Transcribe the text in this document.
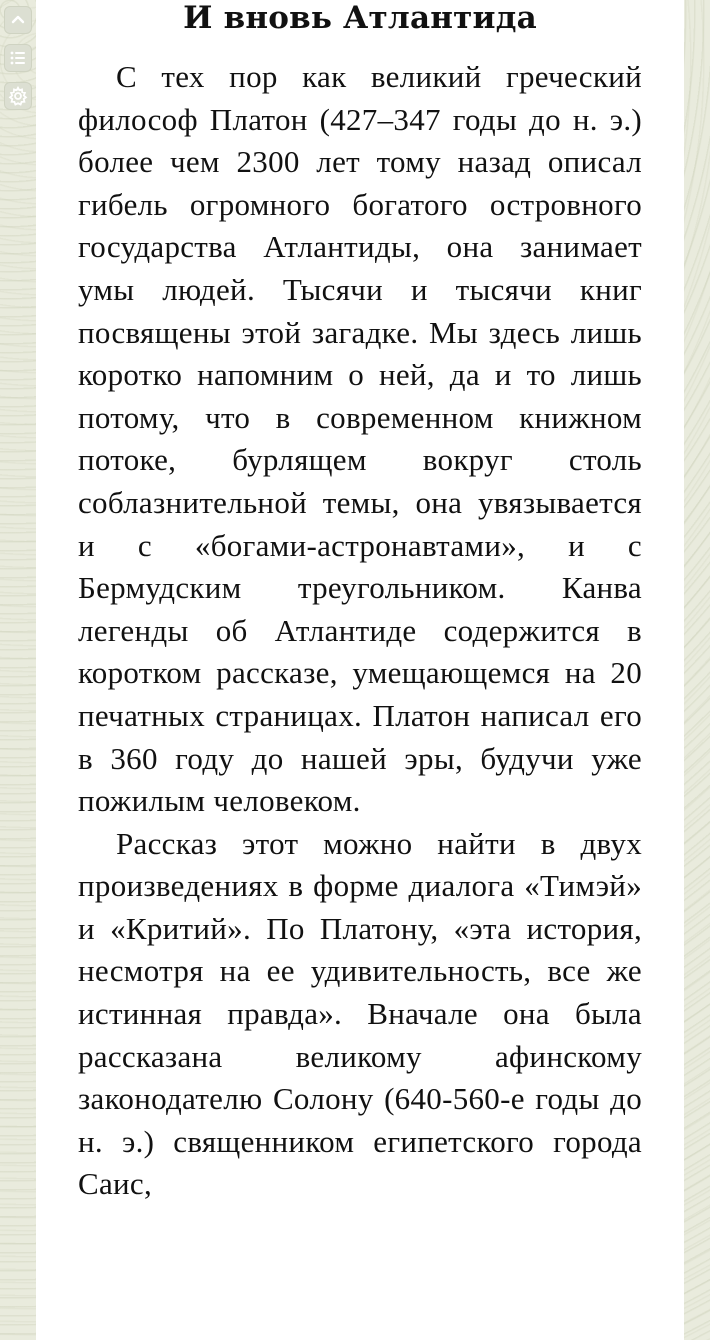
И вновь Атлантида

С тех пор как великий греческий философ Платон (427–347 годы до н. э.) более чем 2300 лет тому назад описал гибель огромного богатого островного государства Атлантиды, она занимает умы людей. Тысячи и тысячи книг посвящены этой загадке. Мы здесь лишь коротко напомним о ней, да и то лишь потому, что в современном книжном потоке, бурлящем вокруг столь соблазнительной темы, она увязывается и с «богами-астронавтами», и с Бермудским треугольником. Канва легенды об Атлантиде содержится в коротком рассказе, умещающемся на 20 печатных страницах. Платон написал его в 360 году до нашей эры, будучи уже пожилым человеком.

Рассказ этот можно найти в двух произведениях в форме диалога «Тимэй» и «Критий». По Платону, «эта история, несмотря на ее удивительность, все же истинная правда». Вначале она была рассказана великому афинскому законодателю Солону (640-560-е годы до н. э.) священником египетского города Саис,
